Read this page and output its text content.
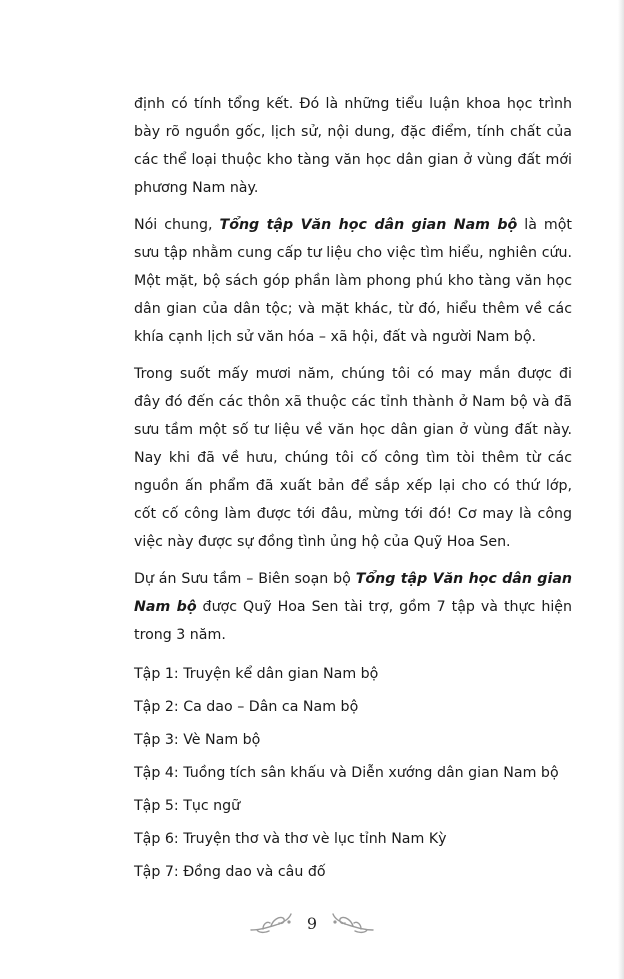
định có tính tổng kết. Đó là những tiểu luận khoa học trình bày rõ nguồn gốc, lịch sử, nội dung, đặc điểm, tính chất của các thể loại thuộc kho tàng văn học dân gian ở vùng đất mới phương Nam này.

Nói chung, Tổng tập Văn học dân gian Nam bộ là một sưu tập nhằm cung cấp tư liệu cho việc tìm hiểu, nghiên cứu. Một mặt, bộ sách góp phần làm phong phú kho tàng văn học dân gian của dân tộc; và mặt khác, từ đó, hiểu thêm về các khía cạnh lịch sử văn hóa – xã hội, đất và người Nam bộ.

Trong suốt mấy mươi năm, chúng tôi có may mắn được đi đây đó đến các thôn xã thuộc các tỉnh thành ở Nam bộ và đã sưu tầm một số tư liệu về văn học dân gian ở vùng đất này. Nay khi đã về hưu, chúng tôi cố công tìm tòi thêm từ các nguồn ấn phẩm đã xuất bản để sắp xếp lại cho có thứ lớp, cốt cố công làm được tới đâu, mừng tới đó! Cơ may là công việc này được sự đồng tình ủng hộ của Quỹ Hoa Sen.

Dự án Sưu tầm – Biên soạn bộ Tổng tập Văn học dân gian Nam bộ được Quỹ Hoa Sen tài trợ, gồm 7 tập và thực hiện trong 3 năm.

Tập 1: Truyện kể dân gian Nam bộ
Tập 2: Ca dao – Dân ca Nam bộ
Tập 3: Vè Nam bộ
Tập 4: Tuồng tích sân khấu và Diễn xướng dân gian Nam bộ
Tập 5: Tục ngữ
Tập 6: Truyện thơ và thơ vè lục tỉnh Nam Kỳ
Tập 7: Đồng dao và câu đố
9
